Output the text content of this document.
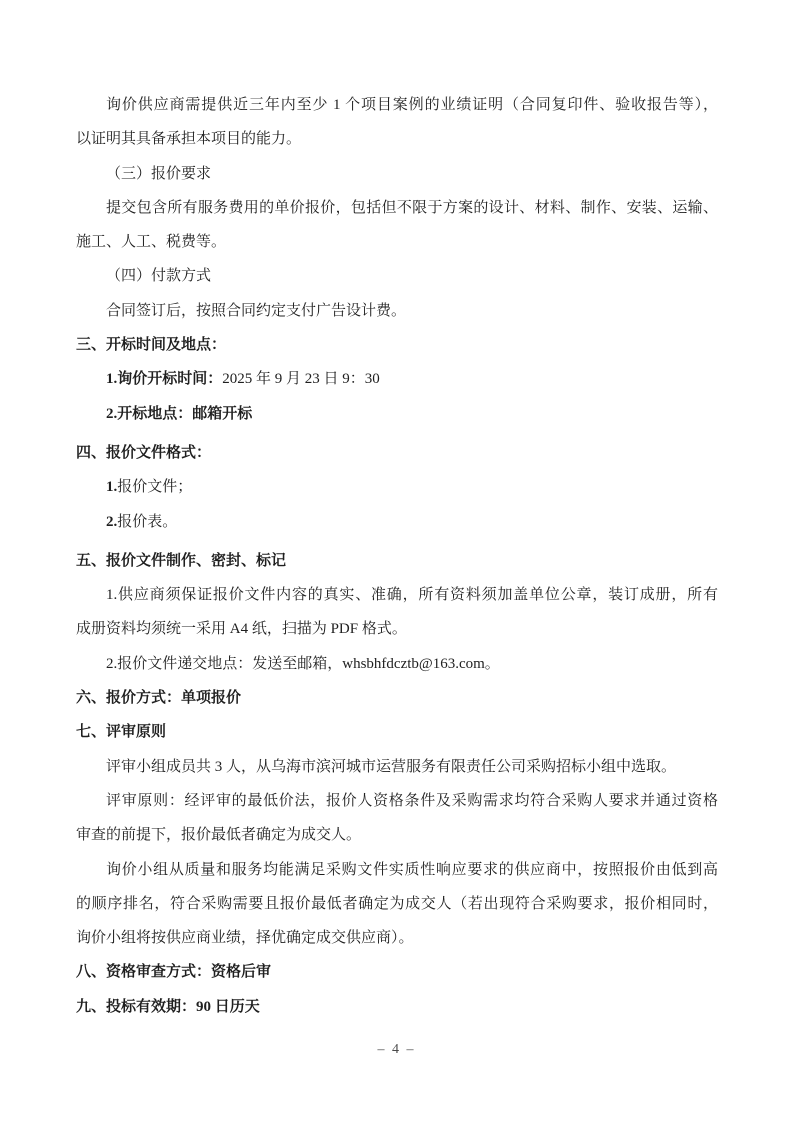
询价供应商需提供近三年内至少 1 个项目案例的业绩证明（合同复印件、验收报告等），
以证明其具备承担本项目的能力。
（三）报价要求
提交包含所有服务费用的单价报价，包括但不限于方案的设计、材料、制作、安装、运输、
施工、人工、税费等。
（四）付款方式
合同签订后，按照合同约定支付广告设计费。
三、开标时间及地点：
1.询价开标时间：2025 年 9 月 23 日 9：30
2.开标地点：邮箱开标
四、报价文件格式：
1.报价文件；
2.报价表。
五、报价文件制作、密封、标记
1.供应商须保证报价文件内容的真实、准确，所有资料须加盖单位公章，装订成册，所有
成册资料均须统一采用 A4 纸，扫描为 PDF 格式。
2.报价文件递交地点：发送至邮箱，whsbhfdcztb@163.com。
六、报价方式：单项报价
七、评审原则
评审小组成员共 3 人，从乌海市滨河城市运营服务有限责任公司采购招标小组中选取。
评审原则：经评审的最低价法，报价人资格条件及采购需求均符合采购人要求并通过资格
审查的前提下，报价最低者确定为成交人。
询价小组从质量和服务均能满足采购文件实质性响应要求的供应商中，按照报价由低到高
的顺序排名，符合采购需要且报价最低者确定为成交人（若出现符合采购要求，报价相同时，
询价小组将按供应商业绩，择优确定成交供应商）。
八、资格审查方式：资格后审
九、投标有效期：90 日历天
– 4 –
